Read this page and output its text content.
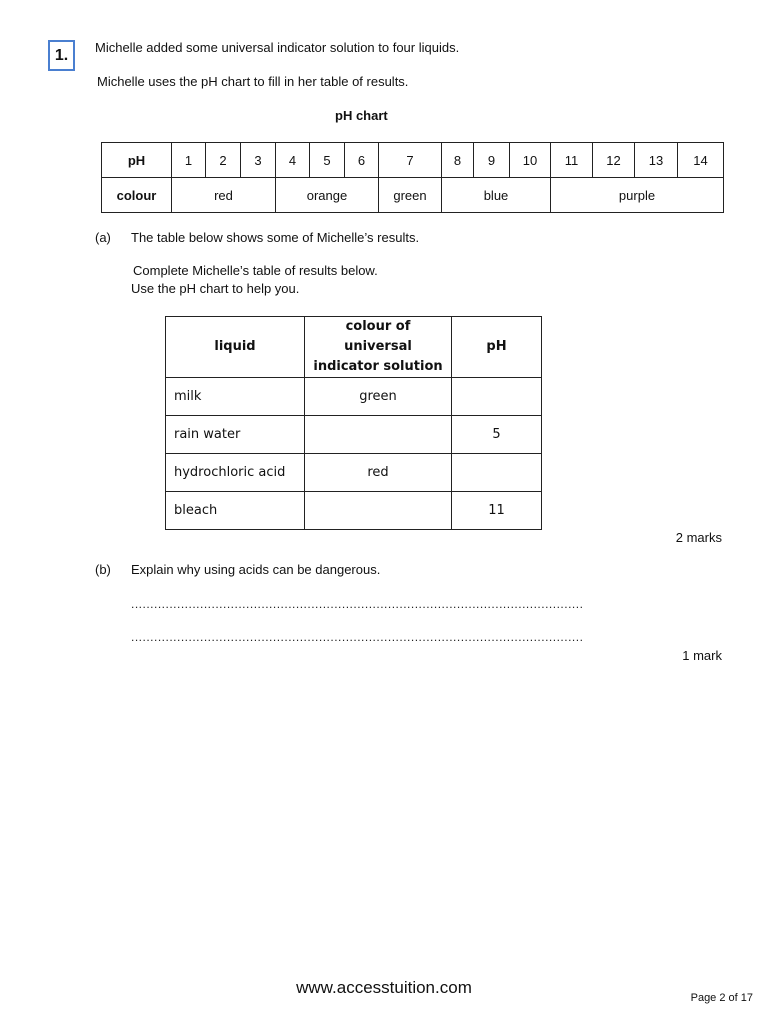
1.	Michelle added some universal indicator solution to four liquids.
Michelle uses the pH chart to fill in her table of results.
pH chart
pH	1	2	3	4	5	6	7	8	9	10	11	12	13	14
colour	red			orange			green	blue			purple			
(a) The table below shows some of Michelle’s results.
Complete Michelle’s table of results below.
Use the pH chart to help you.
liquid	colour of universal indicator solution	pH
milk	green	
rain water		5
hydrochloric acid	red	
bleach		11
2 marks
(b) Explain why using acids can be dangerous.
......................................................................................................................
......................................................................................................................
1 mark
www.accesstuition.com
Page 2 of 17
